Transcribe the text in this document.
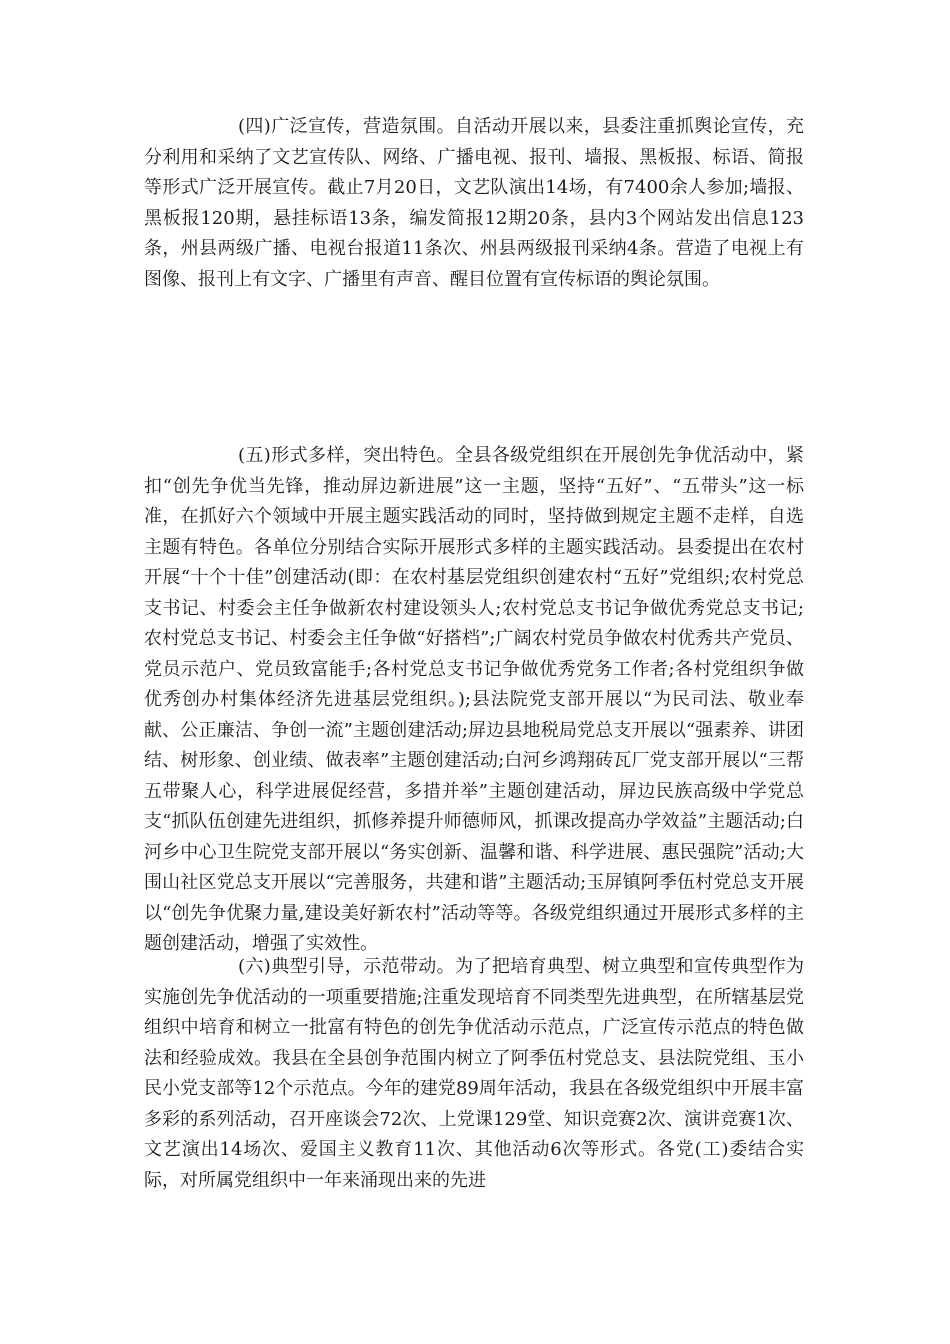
(四)广泛宣传，营造氛围。自活动开展以来，县委注重抓舆论宣传，充分利用和采纳了文艺宣传队、网络、广播电视、报刊、墙报、黑板报、标语、简报等形式广泛开展宣传。截止7月20日，文艺队演出14场，有7400余人参加;墙报、黑板报120期，悬挂标语13条，编发简报12期20条，县内3个网站发出信息123条，州县两级广播、电视台报道11条次、州县两级报刊采纳4条。营造了电视上有图像、报刊上有文字、广播里有声音、醒目位置有宣传标语的舆论氛围。

(五)形式多样，突出特色。全县各级党组织在开展创先争优活动中，紧扣“创先争优当先锋，推动屏边新进展”这一主题，坚持“五好”、“五带头”这一标准，在抓好六个领域中开展主题实践活动的同时，坚持做到规定主题不走样，自选主题有特色。各单位分别结合实际开展形式多样的主题实践活动。县委提出在农村开展“十个十佳”创建活动(即：在农村基层党组织创建农村“五好”党组织;农村党总支书记、村委会主任争做新农村建设领头人;农村党总支书记争做优秀党总支书记;农村党总支书记、村委会主任争做“好搭档”;广阔农村党员争做农村优秀共产党员、党员示范户、党员致富能手;各村党总支书记争做优秀党务工作者;各村党组织争做优秀创办村集体经济先进基层党组织。);县法院党支部开展以“为民司法、敬业奉献、公正廉洁、争创一流”主题创建活动;屏边县地税局党总支开展以“强素养、讲团结、树形象、创业绩、做表率”主题创建活动;白河乡鸿翔砖瓦厂党支部开展以“三帮五带聚人心，科学进展促经营，多措并举”主题创建活动，屏边民族高级中学党总支“抓队伍创建先进组织，抓修养提升师德师风，抓课改提高办学效益”主题活动;白河乡中心卫生院党支部开展以“务实创新、温馨和谐、科学进展、惠民强院”活动;大围山社区党总支开展以“完善服务，共建和谐”主题活动;玉屏镇阿季伍村党总支开展以“创先争优聚力量,建设美好新农村”活动等等。各级党组织通过开展形式多样的主题创建活动，增强了实效性。

(六)典型引导，示范带动。为了把培育典型、树立典型和宣传典型作为实施创先争优活动的一项重要措施;注重发现培育不同类型先进典型，在所辖基层党组织中培育和树立一批富有特色的创先争优活动示范点，广泛宣传示范点的特色做法和经验成效。我县在全县创争范围内树立了阿季伍村党总支、县法院党组、玉小民小党支部等12个示范点。今年的建党89周年活动，我县在各级党组织中开展丰富多彩的系列活动，召开座谈会72次、上党课129堂、知识竞赛2次、演讲竞赛1次、文艺演出14场次、爱国主义教育11次、其他活动6次等形式。各党(工)委结合实际，对所属党组织中一年来涌现出来的先进
